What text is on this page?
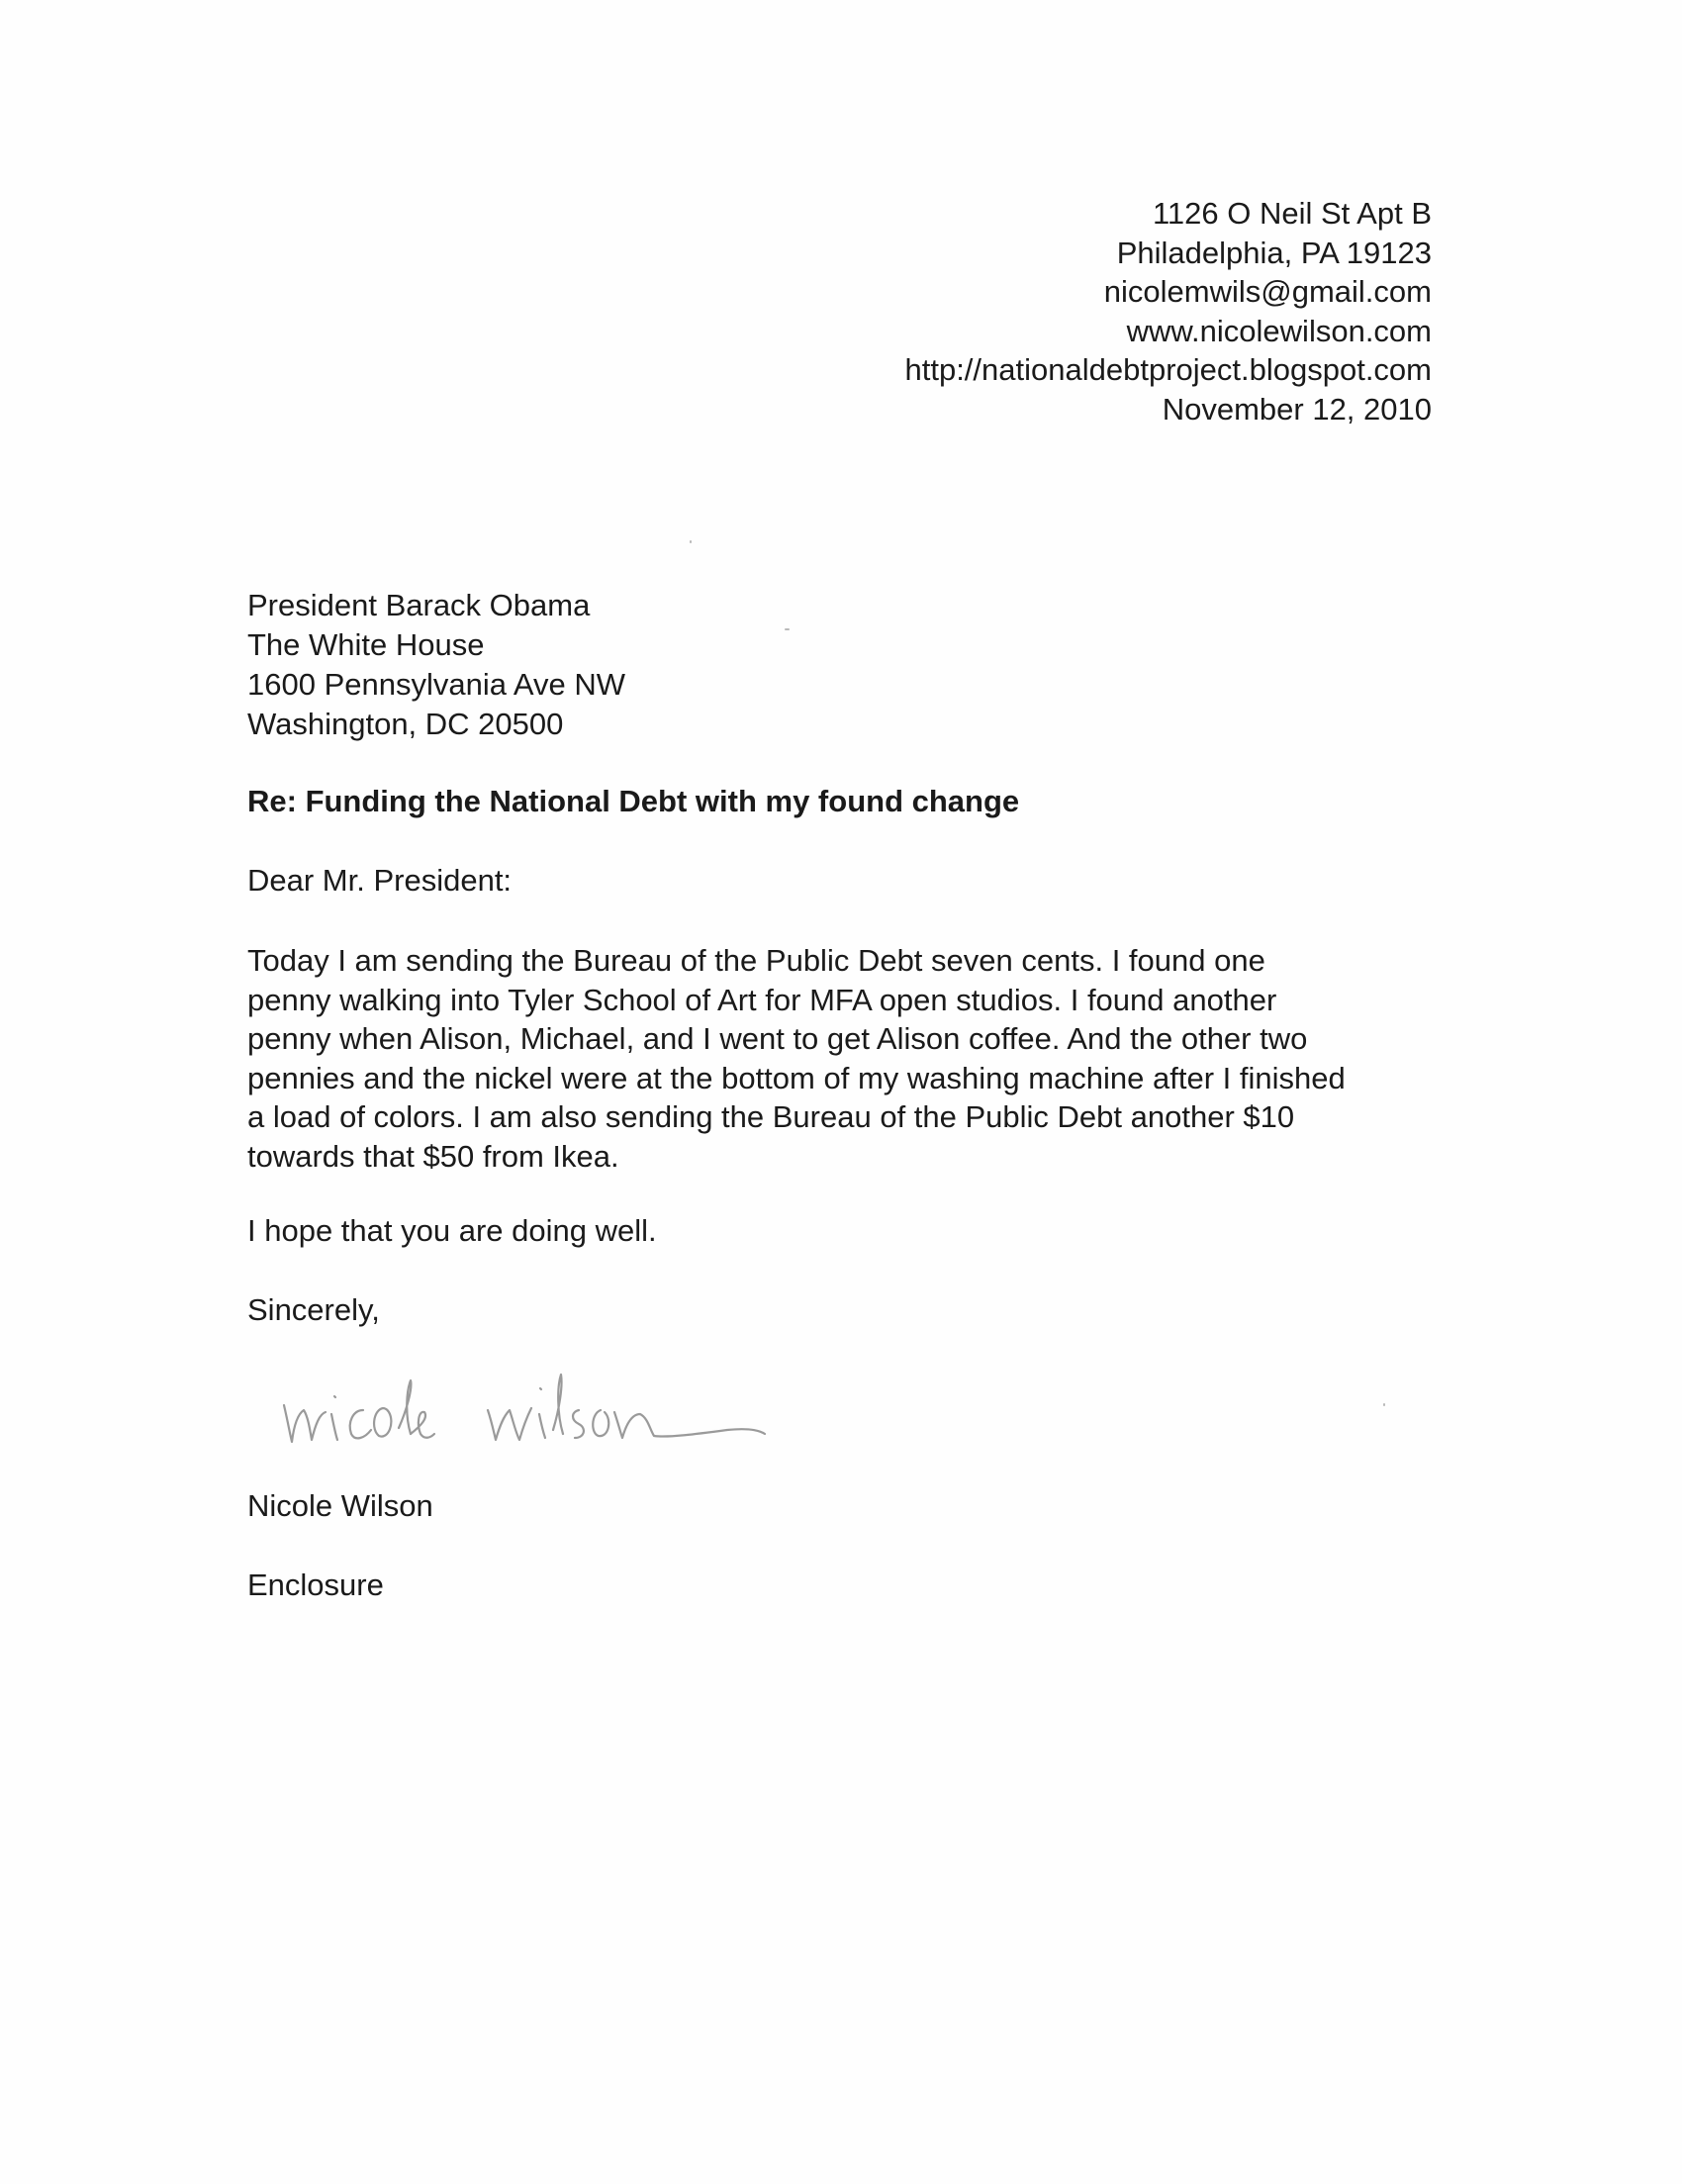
1126 O Neil St Apt B
Philadelphia, PA 19123
nicolemwils@gmail.com
www.nicolewilson.com
http://nationaldebtproject.blogspot.com
November 12, 2010
President Barack Obama
The White House
1600 Pennsylvania Ave NW
Washington, DC 20500
Re: Funding the National Debt with my found change
Dear Mr. President:
Today I am sending the Bureau of the Public Debt seven cents. I found one
penny walking into Tyler School of Art for MFA open studios. I found another
penny when Alison, Michael, and I went to get Alison coffee. And the other two
pennies and the nickel were at the bottom of my washing machine after I finished
a load of colors. I am also sending the Bureau of the Public Debt another $10
towards that $50 from Ikea.
I hope that you are doing well.
Sincerely,
Nicole Wilson
Enclosure
